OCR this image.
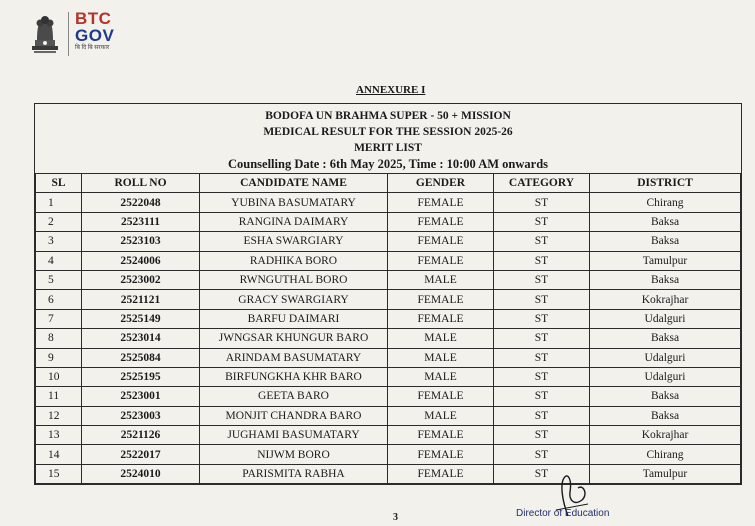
BTC
GOV
बि दि बि सरकार
ANNEXURE I
BODOFA UN BRAHMA SUPER - 50 + MISSION
MEDICAL RESULT FOR THE SESSION 2025-26
MERIT LIST
Counselling Date : 6th May 2025, Time : 10:00 AM onwards
SL	ROLL NO	CANDIDATE NAME	GENDER	CATEGORY	DISTRICT
1	2522048	YUBINA BASUMATARY	FEMALE	ST	Chirang
2	2523111	RANGINA DAIMARY	FEMALE	ST	Baksa
3	2523103	ESHA SWARGIARY	FEMALE	ST	Baksa
4	2524006	RADHIKA BORO	FEMALE	ST	Tamulpur
5	2523002	RWNGUTHAL BORO	MALE	ST	Baksa
6	2521121	GRACY SWARGIARY	FEMALE	ST	Kokrajhar
7	2525149	BARFU DAIMARI	FEMALE	ST	Udalguri
8	2523014	JWNGSAR KHUNGUR BARO	MALE	ST	Baksa
9	2525084	ARINDAM BASUMATARY	MALE	ST	Udalguri
10	2525195	BIRFUNGKHA KHR BARO	MALE	ST	Udalguri
11	2523001	GEETA BARO	FEMALE	ST	Baksa
12	2523003	MONJIT CHANDRA BARO	MALE	ST	Baksa
13	2521126	JUGHAMI BASUMATARY	FEMALE	ST	Kokrajhar
14	2522017	NIJWM BORO	FEMALE	ST	Chirang
15	2524010	PARISMITA RABHA	FEMALE	ST	Tamulpur
3	Director of Education
